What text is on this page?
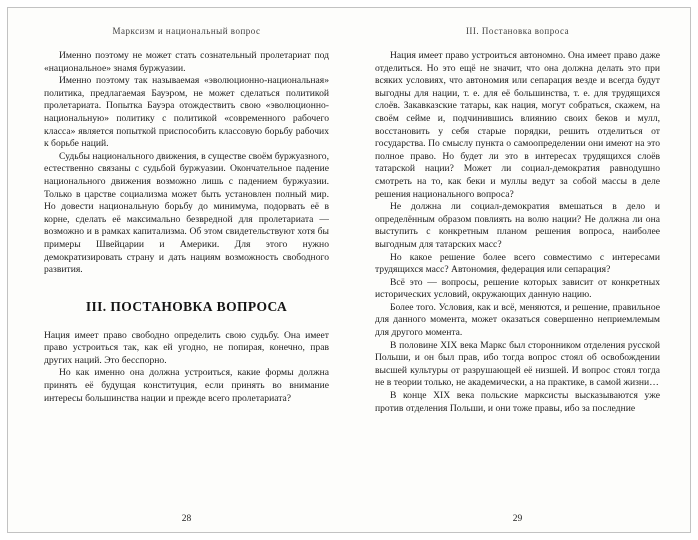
Марксизм и национальный вопрос

Именно поэтому не может стать сознательный пролетариат под «национальное» знамя буржуазии.

Именно поэтому так называемая «эволюционно-национальная» политика, предлагаемая Бауэром, не может сделаться политикой пролетариата. Попытка Бауэра отождествить свою «эволюционно-национальную» политику с политикой «современного рабочего класса» является попыткой приспособить классовую борьбу рабочих к борьбе наций.

Судьбы национального движения, в существе своём буржуазного, естественно связаны с судьбой буржуазии. Окончательное падение национального движения возможно лишь с падением буржуазии. Только в царстве социализма может быть установлен полный мир. Но довести национальную борьбу до минимума, подорвать её в корне, сделать её максимально безвредной для пролетариата — возможно и в рамках капитализма. Об этом свидетельствуют хотя бы примеры Швейцарии и Америки. Для этого нужно демократизировать страну и дать нациям возможность свободного развития.

III. ПОСТАНОВКА ВОПРОСА

Нация имеет право свободно определить свою судьбу. Она имеет право устроиться так, как ей угодно, не попирая, конечно, прав других наций. Это бесспорно.

Но как именно она должна устроиться, какие формы должна принять её будущая конституция, если принять во внимание интересы большинства нации и прежде всего пролетариата?

28
III. Постановка вопроса

Нация имеет право устроиться автономно. Она имеет право даже отделиться. Но это ещё не значит, что она должна делать это при всяких условиях, что автономия или сепарация везде и всегда будут выгодны для нации, т. е. для её большинства, т. е. для трудящихся слоёв. Закавказские татары, как нация, могут собраться, скажем, на своём сейме и, подчинившись влиянию своих беков и мулл, восстановить у себя старые порядки, решить отделиться от государства. По смыслу пункта о самоопределении они имеют на это полное право. Но будет ли это в интересах трудящихся слоёв татарской нации? Может ли социал-демократия равнодушно смотреть на то, как беки и муллы ведут за собой массы в деле решения национального вопроса?

Не должна ли социал-демократия вмешаться в дело и определённым образом повлиять на волю нации? Не должна ли она выступить с конкретным планом решения вопроса, наиболее выгодным для татарских масс?

Но какое решение более всего совместимо с интересами трудящихся масс? Автономия, федерация или сепарация?

Всё это — вопросы, решение которых зависит от конкретных исторических условий, окружающих данную нацию.

Более того. Условия, как и всё, меняются, и решение, правильное для данного момента, может оказаться совершенно неприемлемым для другого момента.

В половине XIX века Маркс был сторонником отделения русской Польши, и он был прав, ибо тогда вопрос стоял об освобождении высшей культуры от разрушающей её низшей. И вопрос стоял тогда не в теории только, не академически, а на практике, в самой жизни…

В конце XIX века польские марксисты высказываются уже против отделения Польши, и они тоже правы, ибо за последние

29
